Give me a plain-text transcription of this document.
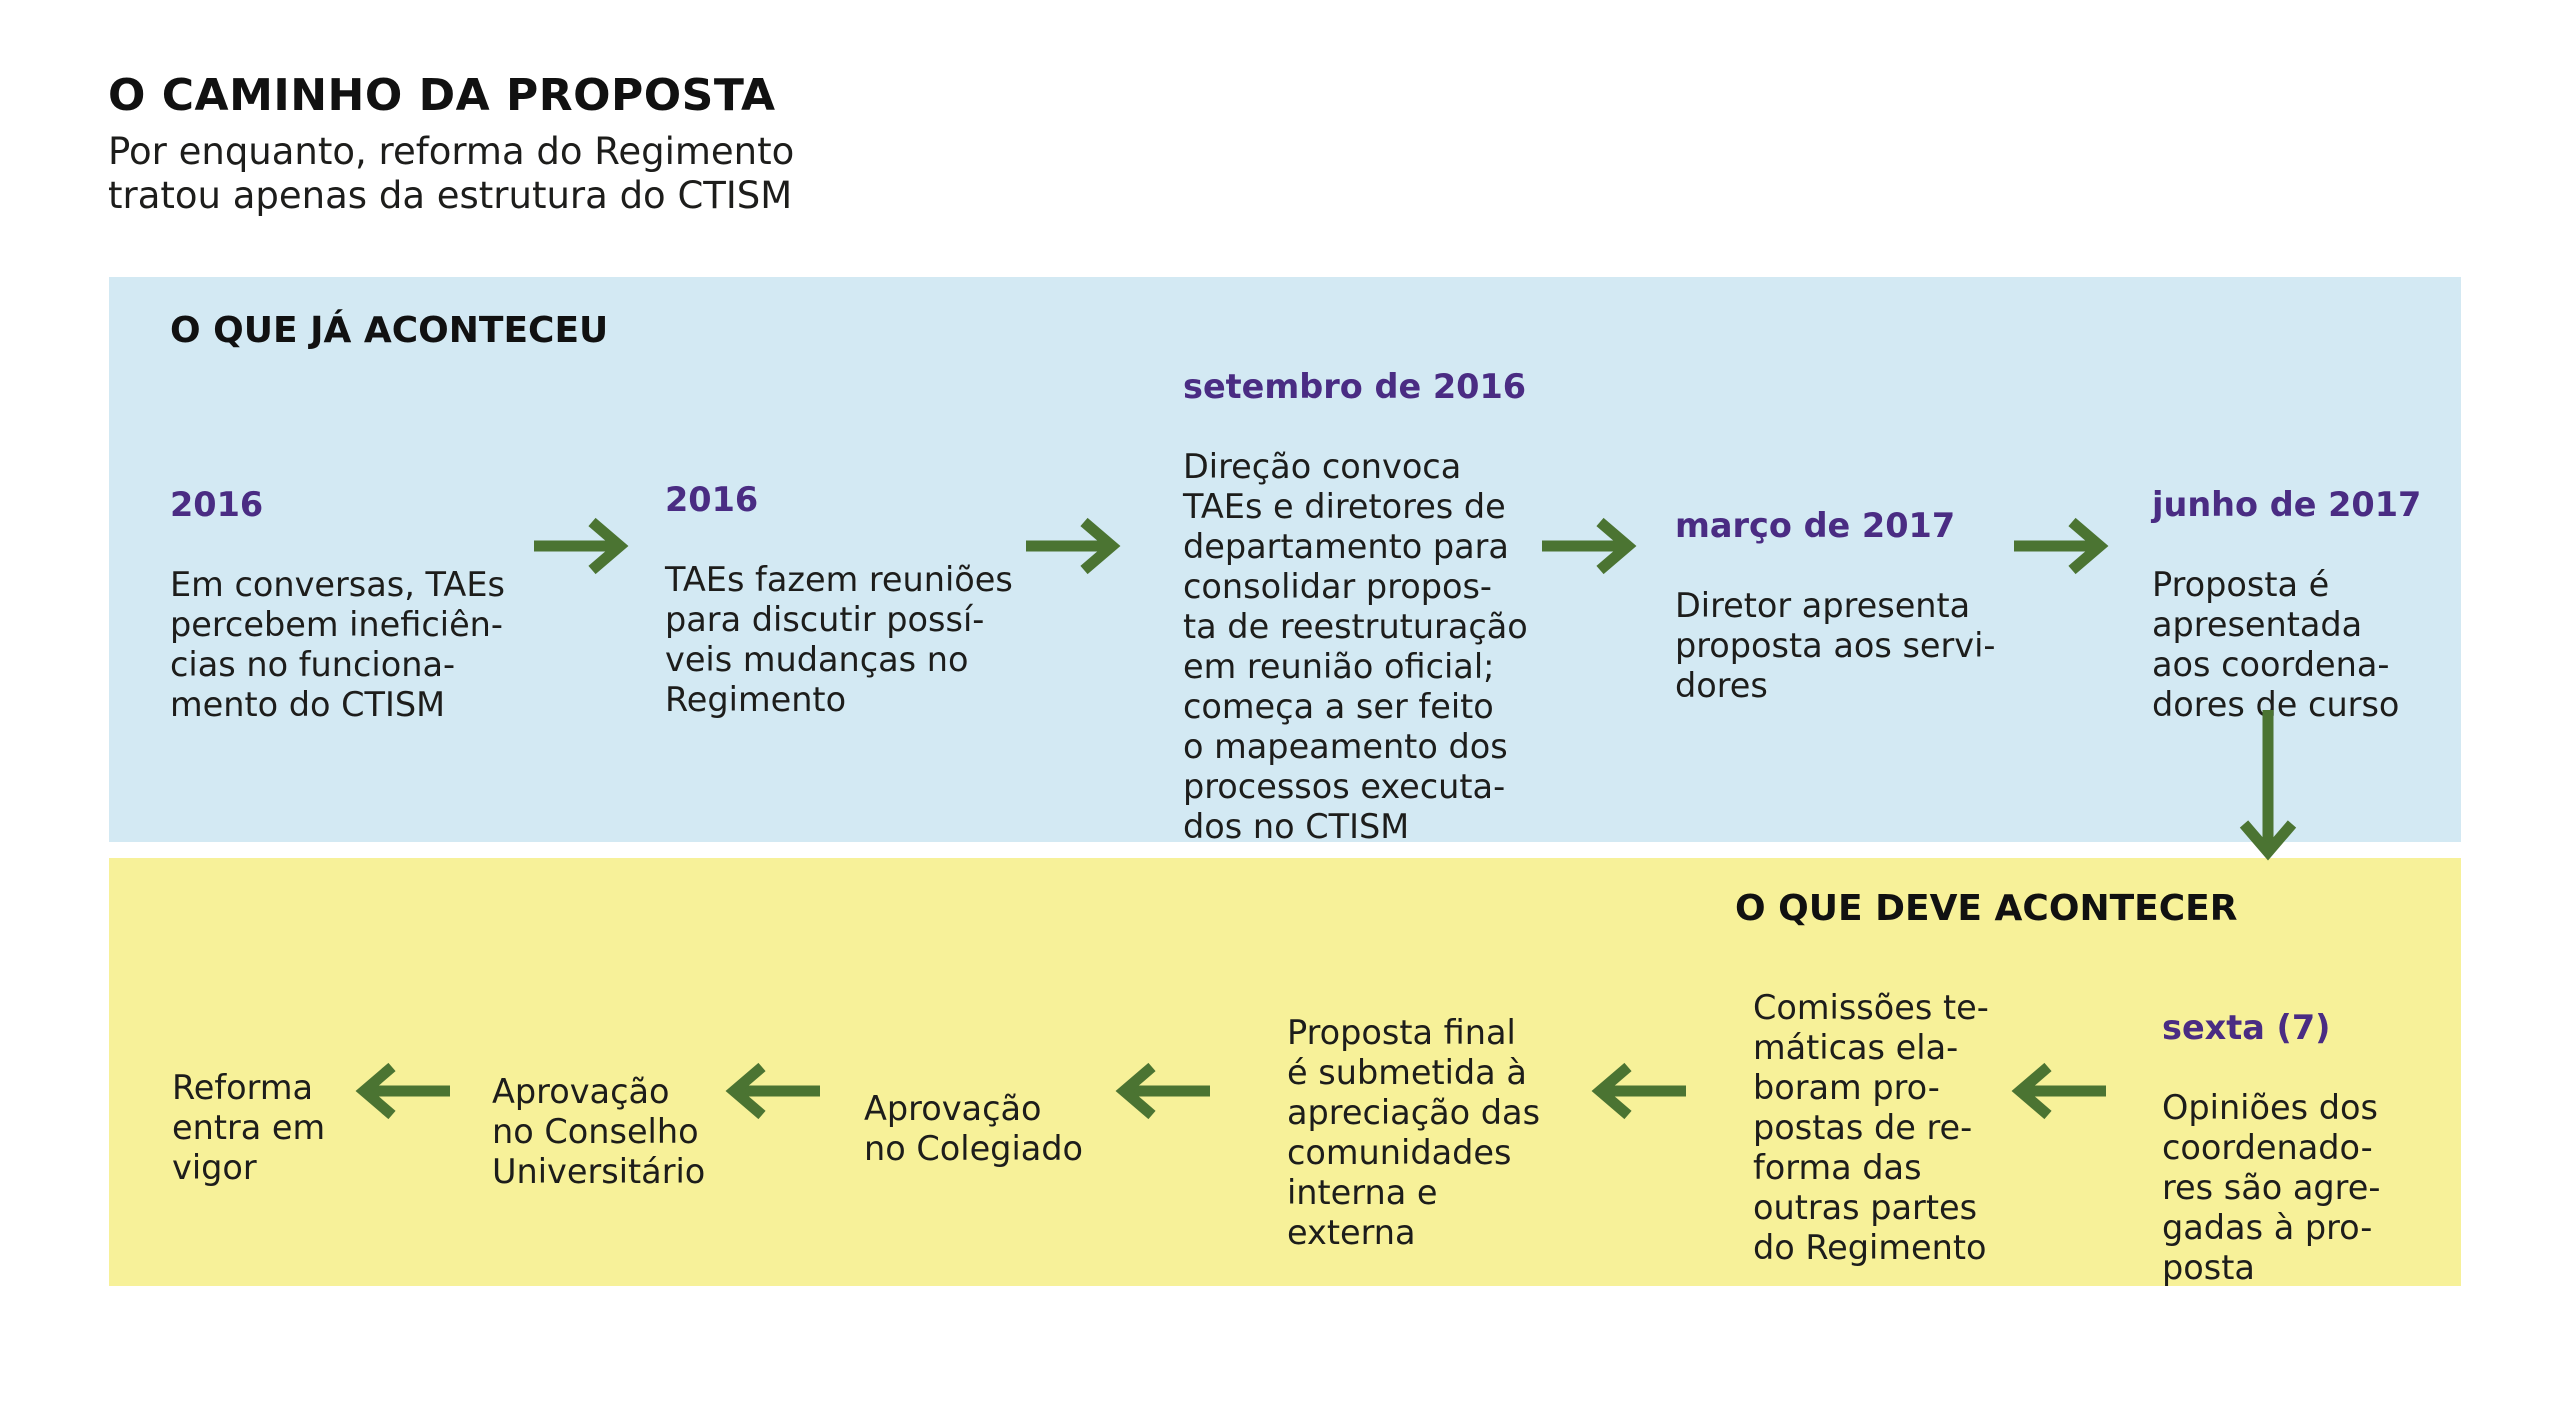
O CAMINHO DA PROPOSTA
Por enquanto, reforma do Regimento
tratou apenas da estrutura do CTISM
O QUE JÁ ACONTECEU

2016

Em conversas, TAEs
percebem ineficiên-
cias no funciona-
mento do CTISM

2016

TAEs fazem reuniões
para discutir possí-
veis mudanças no
Regimento

setembro de 2016

Direção convoca
TAEs e diretores de
departamento para
consolidar propos-
ta de reestruturação
em reunião oficial;
começa a ser feito
o mapeamento dos
processos executa-
dos no CTISM

março de 2017

Diretor apresenta
proposta aos servi-
dores

junho de 2017

Proposta é
apresentada
aos coordena-
dores de curso

O QUE DEVE ACONTECER

sexta (7)

Opiniões dos
coordenado-
res são agre-
gadas à pro-
posta

Comissões te-
máticas ela-
boram pro-
postas de re-
forma das
outras partes
do Regimento

Proposta final
é submetida à
apreciação das
comunidades
interna e
externa

Aprovação
no Colegiado

Aprovação
no Conselho
Universitário

Reforma
entra em
vigor
